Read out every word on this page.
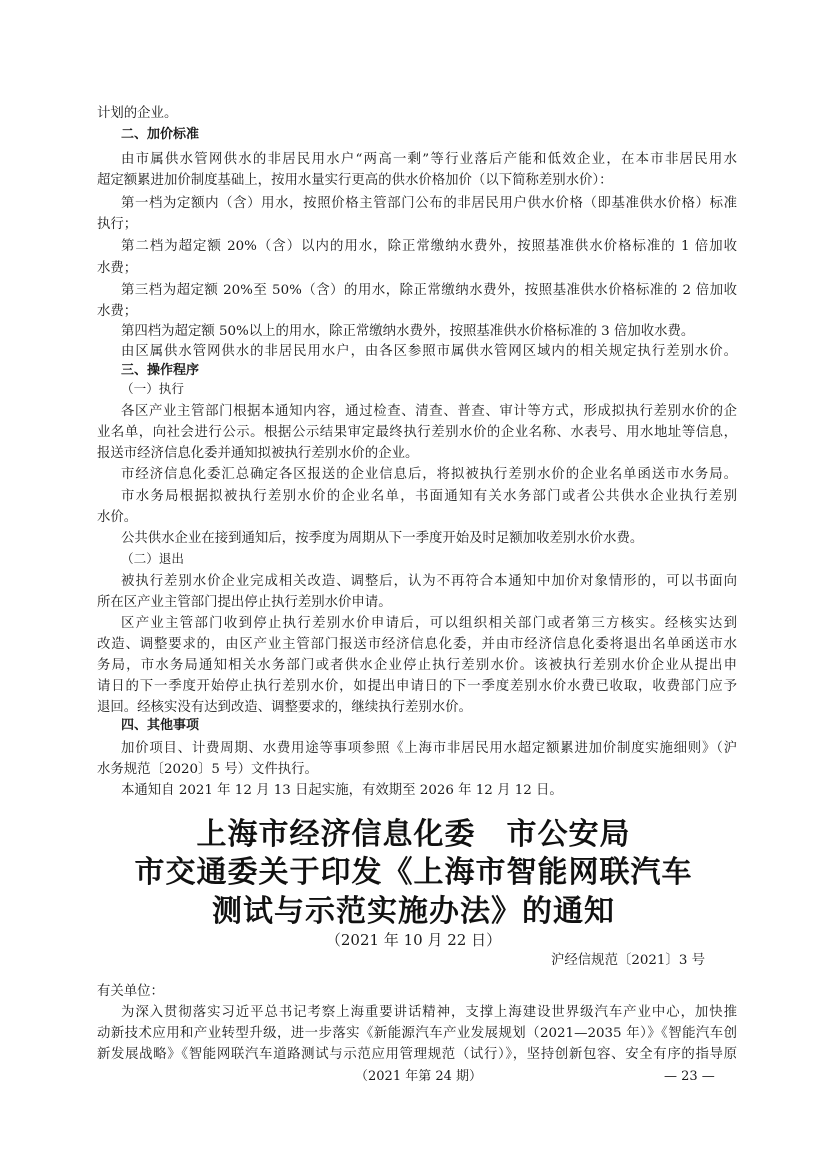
计划的企业。
二、加价标准
由市属供水管网供水的非居民用水户“两高一剩”等行业落后产能和低效企业，在本市非居民用水
超定额累进加价制度基础上，按用水量实行更高的供水价格加价（以下简称差别水价）：
第一档为定额内（含）用水，按照价格主管部门公布的非居民用户供水价格（即基准供水价格）标准
执行；
第二档为超定额 20%（含）以内的用水，除正常缴纳水费外，按照基准供水价格标准的 1 倍加收
水费；
第三档为超定额 20%至 50%（含）的用水，除正常缴纳水费外，按照基准供水价格标准的 2 倍加收
水费；
第四档为超定额 50%以上的用水，除正常缴纳水费外，按照基准供水价格标准的 3 倍加收水费。
由区属供水管网供水的非居民用水户，由各区参照市属供水管网区域内的相关规定执行差别水价。
三、操作程序
（一）执行
各区产业主管部门根据本通知内容，通过检查、清查、普查、审计等方式，形成拟执行差别水价的企
业名单，向社会进行公示。根据公示结果审定最终执行差别水价的企业名称、水表号、用水地址等信息，
报送市经济信息化委并通知拟被执行差别水价的企业。
市经济信息化委汇总确定各区报送的企业信息后，将拟被执行差别水价的企业名单函送市水务局。
市水务局根据拟被执行差别水价的企业名单，书面通知有关水务部门或者公共供水企业执行差别
水价。
公共供水企业在接到通知后，按季度为周期从下一季度开始及时足额加收差别水价水费。
（二）退出
被执行差别水价企业完成相关改造、调整后，认为不再符合本通知中加价对象情形的，可以书面向
所在区产业主管部门提出停止执行差别水价申请。
区产业主管部门收到停止执行差别水价申请后，可以组织相关部门或者第三方核实。经核实达到
改造、调整要求的，由区产业主管部门报送市经济信息化委，并由市经济信息化委将退出名单函送市水
务局，市水务局通知相关水务部门或者供水企业停止执行差别水价。该被执行差别水价企业从提出申
请日的下一季度开始停止执行差别水价，如提出申请日的下一季度差别水价水费已收取，收费部门应予
退回。经核实没有达到改造、调整要求的，继续执行差别水价。
四、其他事项
加价项目、计费周期、水费用途等事项参照《上海市非居民用水超定额累进加价制度实施细则》（沪
水务规范〔2020〕5 号）文件执行。
本通知自 2021 年 12 月 13 日起实施，有效期至 2026 年 12 月 12 日。
上海市经济信息化委　市公安局
市交通委关于印发《上海市智能网联汽车
测试与示范实施办法》的通知
（2021 年 10 月 22 日）
沪经信规范〔2021〕3 号
有关单位：
为深入贯彻落实习近平总书记考察上海重要讲话精神，支撑上海建设世界级汽车产业中心，加快推
动新技术应用和产业转型升级，进一步落实《新能源汽车产业发展规划（2021—2035 年）》《智能汽车创
新发展战略》《智能网联汽车道路测试与示范应用管理规范（试行）》，坚持创新包容、安全有序的指导原
（2021 年第 24 期）	— 23 —
